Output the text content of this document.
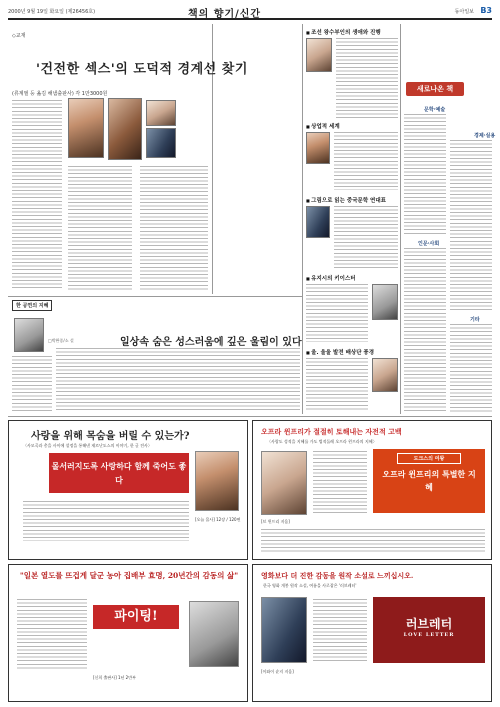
2000년 9월 19일 화요일 (제26456호)	책의 향기/신간	동아일보 B3
◇교재
'건전한 섹스'의 도덕적 경계선 찾기
(류계필 등 옮김 해냄출판사) 각 1만3000원
한 공연의 지혜
□박완종/소 설	일상속 숨은 성스러움에 깊은 울림이 있다
■ 조선 왕수부인의 생애와 진행
■ 상업적 세계
■ 그림으로 읽는 중국문학 연대표
■ 유지시의 키이스터
■ 울. 울울 발전 배상단 풍경
새로나온 책
문학·예술
경제·실용
인문·사회
기타
사랑을 위해 목숨을 버릴 수 있는가?
〈사모곡과 총을 사이에 설정을 통해낸 제르난도스의 이야기, 한 글 전사〉
몰서러지도록 사랑하다 함께 죽어도 좋다
[오늘 몰사] 12장 / 120면
오프라 윈프리가 절절히 토해내는 자전적 고백
〈사랑도 성적을 지혜를 가도 법적둘레 오프라 윈프라의 지혜〉
도크스의 여왕
오프라 윈프리의 특별한 지혜
[브 윈프리 지음]
"일본 열도를 뜨겁게 달군 농아 집배부 효명, 20년간의 감동의 삶"
파이팅!
[신희 출판사] 1년 2만부
영화보다 더 진한 감동을 원작 소설로 느끼십시오.
한국 영화 개봉 원작 소설, 여름을 사로잡은 '러브레터'
러브레터
LOVE LETTER
[이와이 슌지 지음]
